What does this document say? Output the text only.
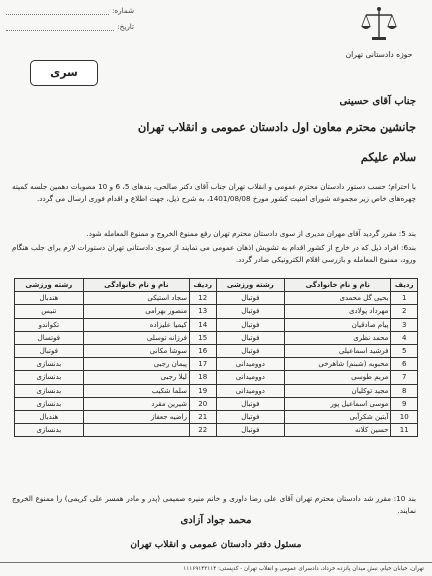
حوزه دادستانی تهران
شماره:
تاریخ:
سری
جناب آقای حسینی
جانشین محترم معاون اول دادستان عمومی و انقلاب تهران
سلام علیکم
با احترام؛ حسب دستور دادستان محترم عمومی و انقلاب تهران جناب آقای دکتر صالحی، بندهای 5، 6 و 10 مصوبات دهمین جلسه کمیته چهره‌های خاص زیر مجموعه شورای امنیت کشور مورخ 1401/08/08، به شرح ذیل، جهت اطلاع و اقدام فوری ارسال می گردد.
بند 5: مقرر گردید آقای مهران مدیری از سوی دادستان محترم تهران رفع ممنوع الخروج و ممنوع المعامله شود.
بند6: افراد ذیل که در خارج از کشور اقدام به تشویش اذهان عمومی می نمایند از سوی دادستانی تهران دستورات لازم برای جلب هنگام ورود، ممنوع المعامله و بازرسی اقلام الکترونیکی صادر گردد.
ردیف	نام و نام خانوادگی	رشته ورزشی	ردیف	نام و نام خانوادگی	رشته ورزشی
1	یحیی گل محمدی	فوتبال	12	سجاد استیکی	هندبال
2	مهرداد پولادی	فوتبال	13	منصور بهرامی	تنیس
3	پیام صادقیان	فوتبال	14	کیمیا علیزاده	تکواندو
4	محمد نظری	فوتبال	15	فرزانه توسلی	فوتسال
5	فرشید اسماعیلی	فوتبال	16	سوشا مکانی	فوتبال
6	محبوبه (شبنم) شاهرخی	دوومیدانی	17	پیمان رجبی	بدنسازی
7	مریم طوسی	دوومیدانی	18	لیلا رجبی	بدنسازی
8	مجید توکلیان	دوومیدانی	19	سلما شکیب	بدنسازی
9	موسی اسماعیل پور	فوتبال	20	شیرین مقرد	بدنسازی
10	آیتین شکرآبی	فوتبال	21	راضیه جعفاز	هندبال
11	حسین کلانه	فوتبال	22		بدنسازی
بند 10: مقرر شد دادستان محترم تهران آقای علی رضا داوری و خانم منیره صمیمی (پدر و مادر همسر علی کریمی) را ممنوع الخروج نمایند.
محمد جواد آزادی
مسئول دفتر دادستان عمومی و انقلاب تهران
تهران، خیابان خیام، نبش میدان پانزده خرداد، دادسرای عمومی و انقلاب تهران - کدپستی: ۱۱۱۶۹۱۴۳۱۱۴
